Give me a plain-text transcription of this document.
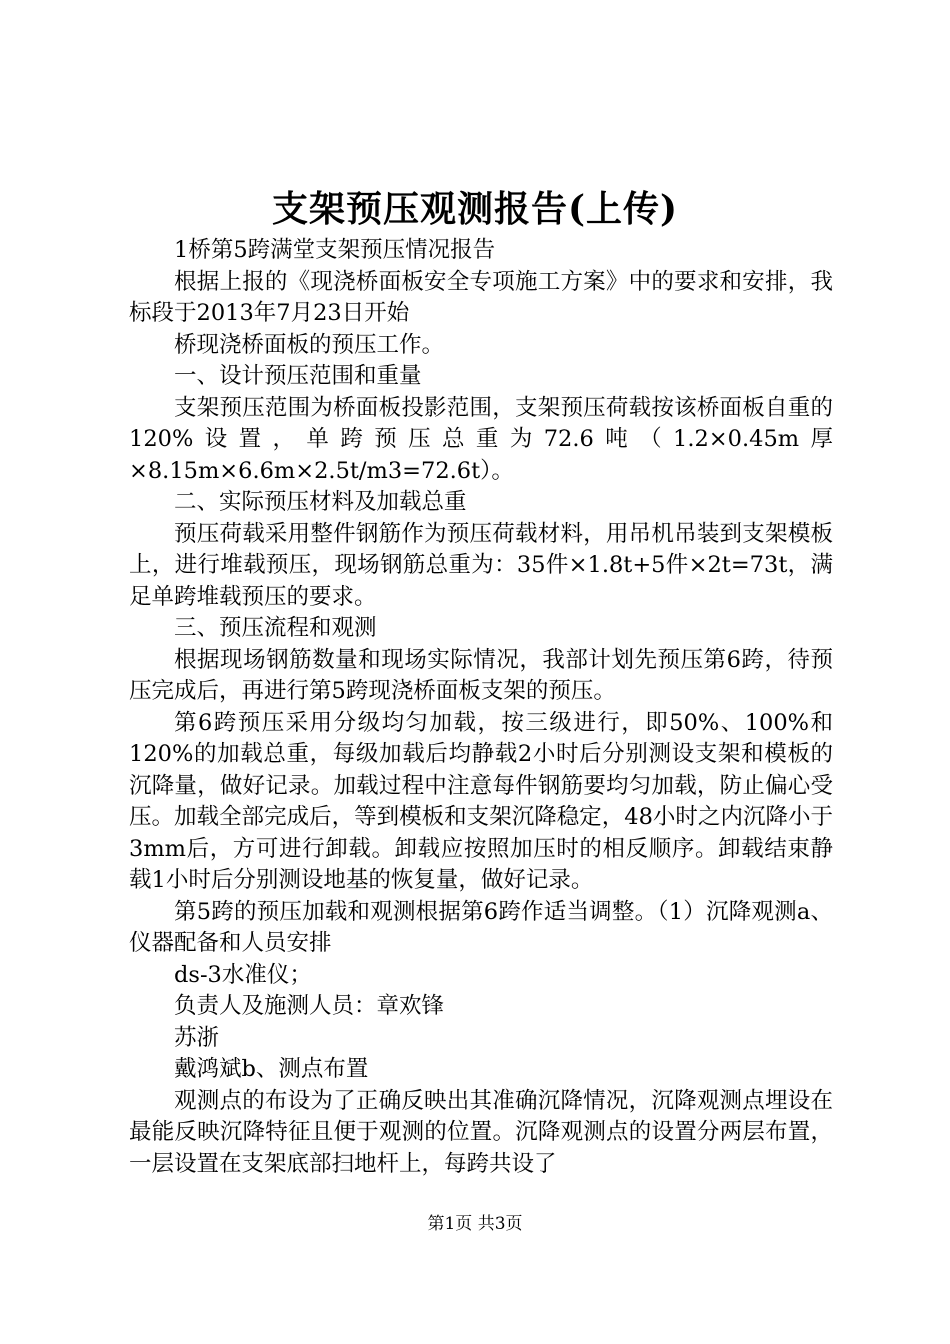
支架预压观测报告(上传)

1桥第5跨满堂支架预压情况报告

根据上报的《现浇桥面板安全专项施工方案》中的要求和安排，我标段于2013年7月23日开始

桥现浇桥面板的预压工作。

一、设计预压范围和重量

支架预压范围为桥面板投影范围，支架预压荷载按该桥面板自重的120%设置，单跨预压总重为72.6吨（1.2×0.45m厚×8.15m×6.6m×2.5t/m3=72.6t）。

二、实际预压材料及加载总重

预压荷载采用整件钢筋作为预压荷载材料，用吊机吊装到支架模板上，进行堆载预压，现场钢筋总重为：35件×1.8t+5件×2t=73t，满足单跨堆载预压的要求。

三、预压流程和观测

根据现场钢筋数量和现场实际情况，我部计划先预压第6跨，待预压完成后，再进行第5跨现浇桥面板支架的预压。

第6跨预压采用分级均匀加载，按三级进行，即50%、100%和120%的加载总重，每级加载后均静载2小时后分别测设支架和模板的沉降量，做好记录。加载过程中注意每件钢筋要均匀加载，防止偏心受压。加载全部完成后，等到模板和支架沉降稳定，48小时之内沉降小于3mm后，方可进行卸载。卸载应按照加压时的相反顺序。卸载结束静载1小时后分别测设地基的恢复量，做好记录。

第5跨的预压加载和观测根据第6跨作适当调整。（1）沉降观测a、仪器配备和人员安排

ds-3水准仪；

负责人及施测人员：章欢锋

苏浙

戴鸿斌b、测点布置

观测点的布设为了正确反映出其准确沉降情况，沉降观测点埋设在最能反映沉降特征且便于观测的位置。沉降观测点的设置分两层布置，一层设置在支架底部扫地杆上，每跨共设了

第1页 共3页
